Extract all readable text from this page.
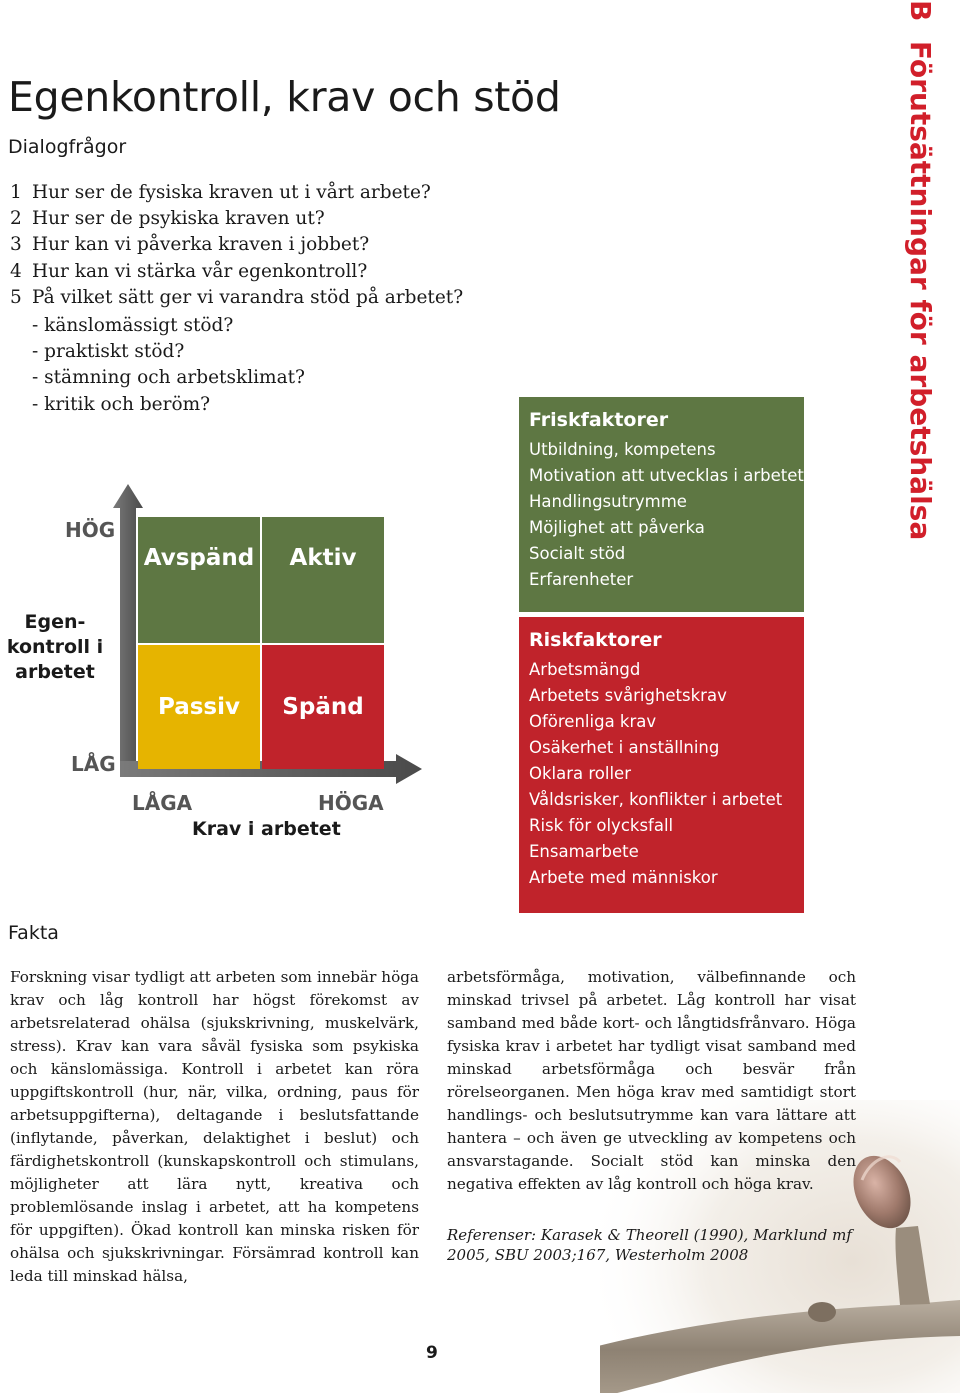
Egenkontroll, krav och stöd
Dialogfrågor
1 Hur ser de fysiska kraven ut i vårt arbete?
2 Hur ser de psykiska kraven ut?
3 Hur kan vi påverka kraven i jobbet?
4 Hur kan vi stärka vår egenkontroll?
5 På vilket sätt ger vi varandra stöd på arbetet?
- känslomässigt stöd?
- praktiskt stöd?
- stämning och arbetsklimat?
- kritik och beröm?
B  Förutsättningar för arbetshälsa
Avspänd Aktiv
Passiv Spänd
HÖG
LÅG
Egen-
kontroll i
arbetet
LÅGA	HÖGA
Krav i arbetet
Friskfaktorer
Utbildning, kompetens
Motivation att utvecklas i arbetet
Handlingsutrymme
Möjlighet att påverka
Socialt stöd
Erfarenheter
Riskfaktorer
Arbetsmängd
Arbetets svårighetskrav
Oförenliga krav
Osäkerhet i anställning
Oklara roller
Våldsrisker, konflikter i arbetet
Risk för olycksfall
Ensamarbete
Arbete med människor
Fakta
Forskning visar tydligt att arbeten som innebär höga krav och låg kontroll har högst förekomst av arbetsrelaterad ohälsa (sjukskrivning, muskelvärk, stress). Krav kan vara såväl fysiska som psykiska och känslomässiga. Kontroll i arbetet kan röra uppgiftskontroll (hur, när, vilka, ordning, paus för arbetsuppgifterna), deltagande i beslutsfattande (inflytande, påverkan, delaktighet i beslut) och färdighetskontroll (kunskapskontroll och stimulans, möjligheter att lära nytt, kreativa och problemlösande inslag i arbetet, att ha kompetens för uppgiften). Ökad kontroll kan minska risken för ohälsa och sjukskrivningar. Försämrad kontroll kan leda till minskad hälsa,
arbetsförmåga, motivation, välbefinnande och minskad trivsel på arbetet. Låg kontroll har visat samband med både kort- och långtidsfrånvaro. Höga fysiska krav i arbetet har tydligt visat samband med minskad arbetsförmåga och besvär från rörelseorganen. Men höga krav med samtidigt stort handlings- och beslutsutrymme kan vara lättare att hantera – och även ge utveckling av kompetens och ansvarstagande. Socialt stöd kan minska den negativa effekten av låg kontroll och höga krav.
Referenser: Karasek & Theorell (1990), Marklund mf 2005, SBU 2003;167, Westerholm 2008
9
